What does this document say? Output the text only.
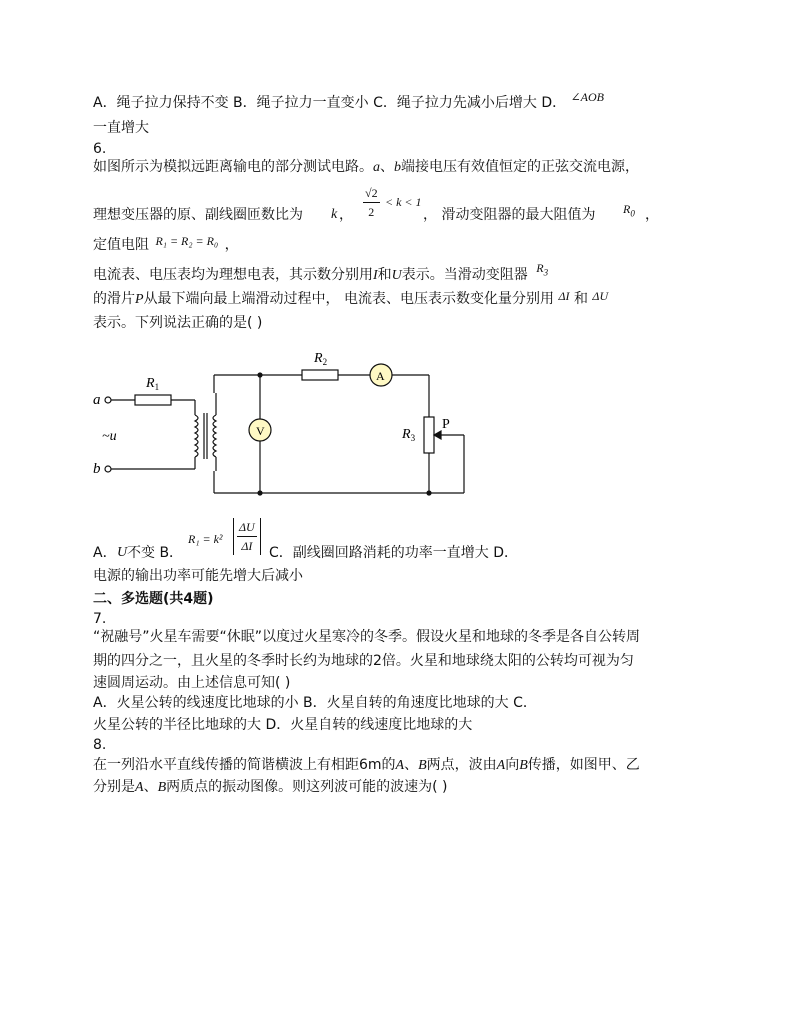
A．绳子拉力保持不变 B．绳子拉力一直变小 C．绳子拉力先减小后增大 D． ∠AOB
一直增大
6.
如图所示为模拟远距离输电的部分测试电路。a、b端接电压有效值恒定的正弦交流电源，
理想变压器的原、副线圈匝数比为 k ， $\frac{√2}{2} < k < 1$
， 滑动变阻器的最大阻值为 $R_0$ ，
定值电阻 R₁ = R₂ = R₀ ，
电流表、电压表均为理想电表，其示数分别用I和U表示。当滑动变阻器 $R_3$
的滑片P从最下端向最上端滑动过程中， 电流表、电压表示数变化量分别用 ΔI 和 ΔU
表示。下列说法正确的是( )
a
b
~u
$R_1$
$R_2$
$R_3$
P
V
A
A． U 不变 B．
$R_1 = k^2 \frac{\Delta U}{\Delta I}$ C．副线圈回路消耗的功率一直增大 D．
电源的输出功率可能先增大后减小
二、多选题(共4题)
7.
“祝融号”火星车需要“休眠”以度过火星寒冷的冬季。假设火星和地球的冬季是各自公转周
期的四分之一，且火星的冬季时长约为地球的2倍。火星和地球绕太阳的公转均可视为匀
速圆周运动。由上述信息可知( )
A．火星公转的线速度比地球的小 B．火星自转的角速度比地球的大 C．
火星公转的半径比地球的大 D．火星自转的线速度比地球的大
8.
在一列沿水平直线传播的简谐横波上有相距6m的A、B两点，波由A向B传播，如图甲、乙
分别是A、B两质点的振动图像。则这列波可能的波速为( )
